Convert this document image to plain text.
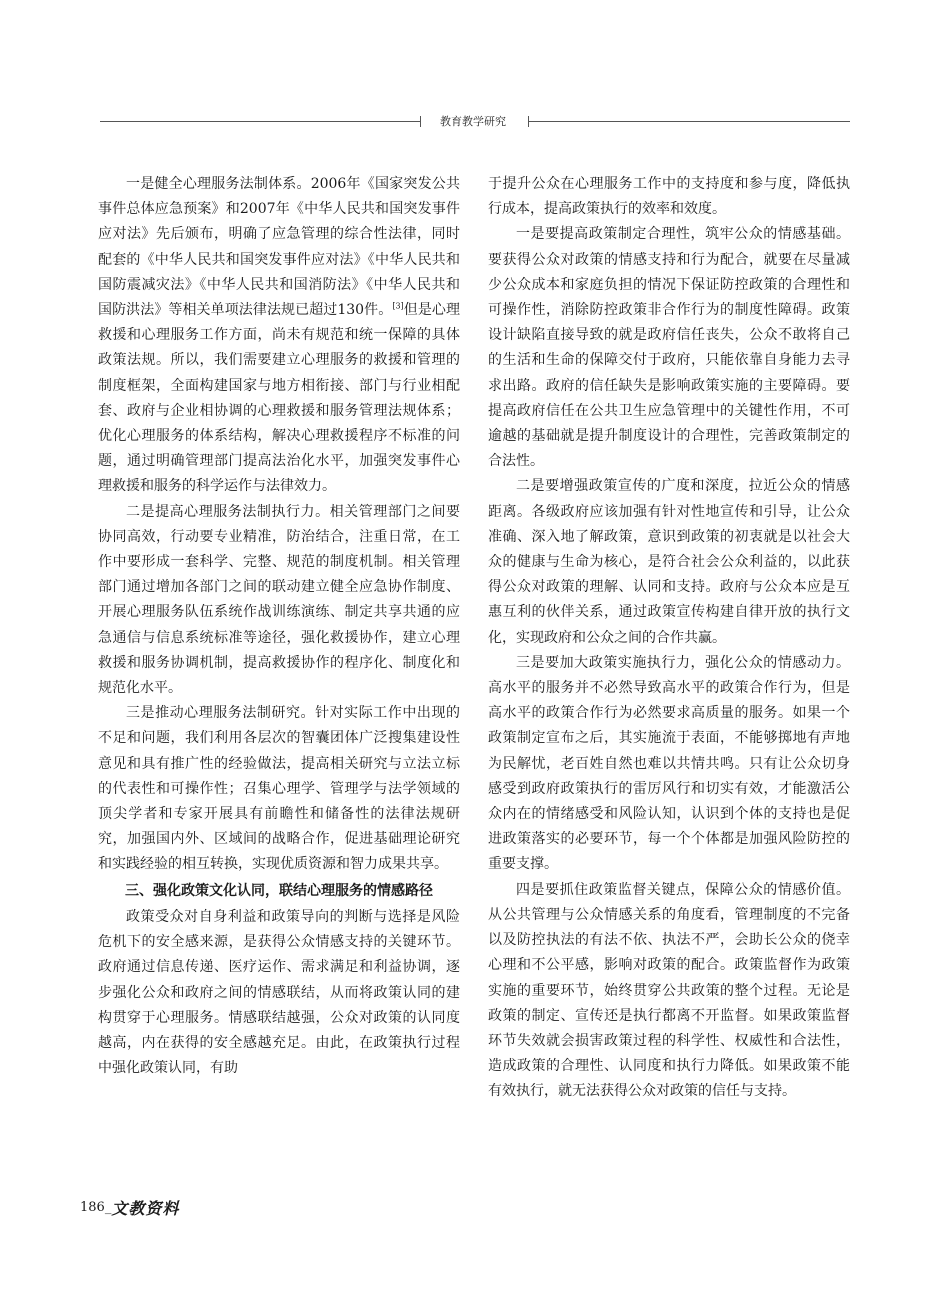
教育教学研究

一是健全心理服务法制体系。2006年《国家突发公共事件总体应急预案》和2007年《中华人民共和国突发事件应对法》先后颁布，明确了应急管理的综合性法律，同时配套的《中华人民共和国突发事件应对法》《中华人民共和国防震减灾法》《中华人民共和国消防法》《中华人民共和国防洪法》等相关单项法律法规已超过130件。[3]但是心理救援和心理服务工作方面，尚未有规范和统一保障的具体政策法规。所以，我们需要建立心理服务的救援和管理的制度框架，全面构建国家与地方相衔接、部门与行业相配套、政府与企业相协调的心理救援和服务管理法规体系；优化心理服务的体系结构，解决心理救援程序不标准的问题，通过明确管理部门提高法治化水平，加强突发事件心理救援和服务的科学运作与法律效力。

二是提高心理服务法制执行力。相关管理部门之间要协同高效，行动要专业精准，防治结合，注重日常，在工作中要形成一套科学、完整、规范的制度机制。相关管理部门通过增加各部门之间的联动建立健全应急协作制度、开展心理服务队伍系统作战训练演练、制定共享共通的应急通信与信息系统标准等途径，强化救援协作，建立心理救援和服务协调机制，提高救援协作的程序化、制度化和规范化水平。

三是推动心理服务法制研究。针对实际工作中出现的不足和问题，我们利用各层次的智囊团体广泛搜集建设性意见和具有推广性的经验做法，提高相关研究与立法立标的代表性和可操作性；召集心理学、管理学与法学领域的顶尖学者和专家开展具有前瞻性和储备性的法律法规研究，加强国内外、区域间的战略合作，促进基础理论研究和实践经验的相互转换，实现优质资源和智力成果共享。

三、强化政策文化认同，联结心理服务的情感路径

政策受众对自身利益和政策导向的判断与选择是风险危机下的安全感来源，是获得公众情感支持的关键环节。政府通过信息传递、医疗运作、需求满足和利益协调，逐步强化公众和政府之间的情感联结，从而将政策认同的建构贯穿于心理服务。情感联结越强，公众对政策的认同度越高，内在获得的安全感越充足。由此，在政策执行过程中强化政策认同，有助

于提升公众在心理服务工作中的支持度和参与度，降低执行成本，提高政策执行的效率和效度。

一是要提高政策制定合理性，筑牢公众的情感基础。要获得公众对政策的情感支持和行为配合，就要在尽量减少公众成本和家庭负担的情况下保证防控政策的合理性和可操作性，消除防控政策非合作行为的制度性障碍。政策设计缺陷直接导致的就是政府信任丧失，公众不敢将自己的生活和生命的保障交付于政府，只能依靠自身能力去寻求出路。政府的信任缺失是影响政策实施的主要障碍。要提高政府信任在公共卫生应急管理中的关键性作用，不可逾越的基础就是提升制度设计的合理性，完善政策制定的合法性。

二是要增强政策宣传的广度和深度，拉近公众的情感距离。各级政府应该加强有针对性地宣传和引导，让公众准确、深入地了解政策，意识到政策的初衷就是以社会大众的健康与生命为核心，是符合社会公众利益的，以此获得公众对政策的理解、认同和支持。政府与公众本应是互惠互利的伙伴关系，通过政策宣传构建自律开放的执行文化，实现政府和公众之间的合作共赢。

三是要加大政策实施执行力，强化公众的情感动力。高水平的服务并不必然导致高水平的政策合作行为，但是高水平的政策合作行为必然要求高质量的服务。如果一个政策制定宣布之后，其实施流于表面，不能够掷地有声地为民解忧，老百姓自然也难以共情共鸣。只有让公众切身感受到政府政策执行的雷厉风行和切实有效，才能激活公众内在的情绪感受和风险认知，认识到个体的支持也是促进政策落实的必要环节，每一个个体都是加强风险防控的重要支撑。

四是要抓住政策监督关键点，保障公众的情感价值。从公共管理与公众情感关系的角度看，管理制度的不完备以及防控执法的有法不依、执法不严，会助长公众的侥幸心理和不公平感，影响对政策的配合。政策监督作为政策实施的重要环节，始终贯穿公共政策的整个过程。无论是政策的制定、宣传还是执行都离不开监督。如果政策监督环节失效就会损害政策过程的科学性、权威性和合法性，造成政策的合理性、认同度和执行力降低。如果政策不能有效执行，就无法获得公众对政策的信任与支持。

186_文教资料
